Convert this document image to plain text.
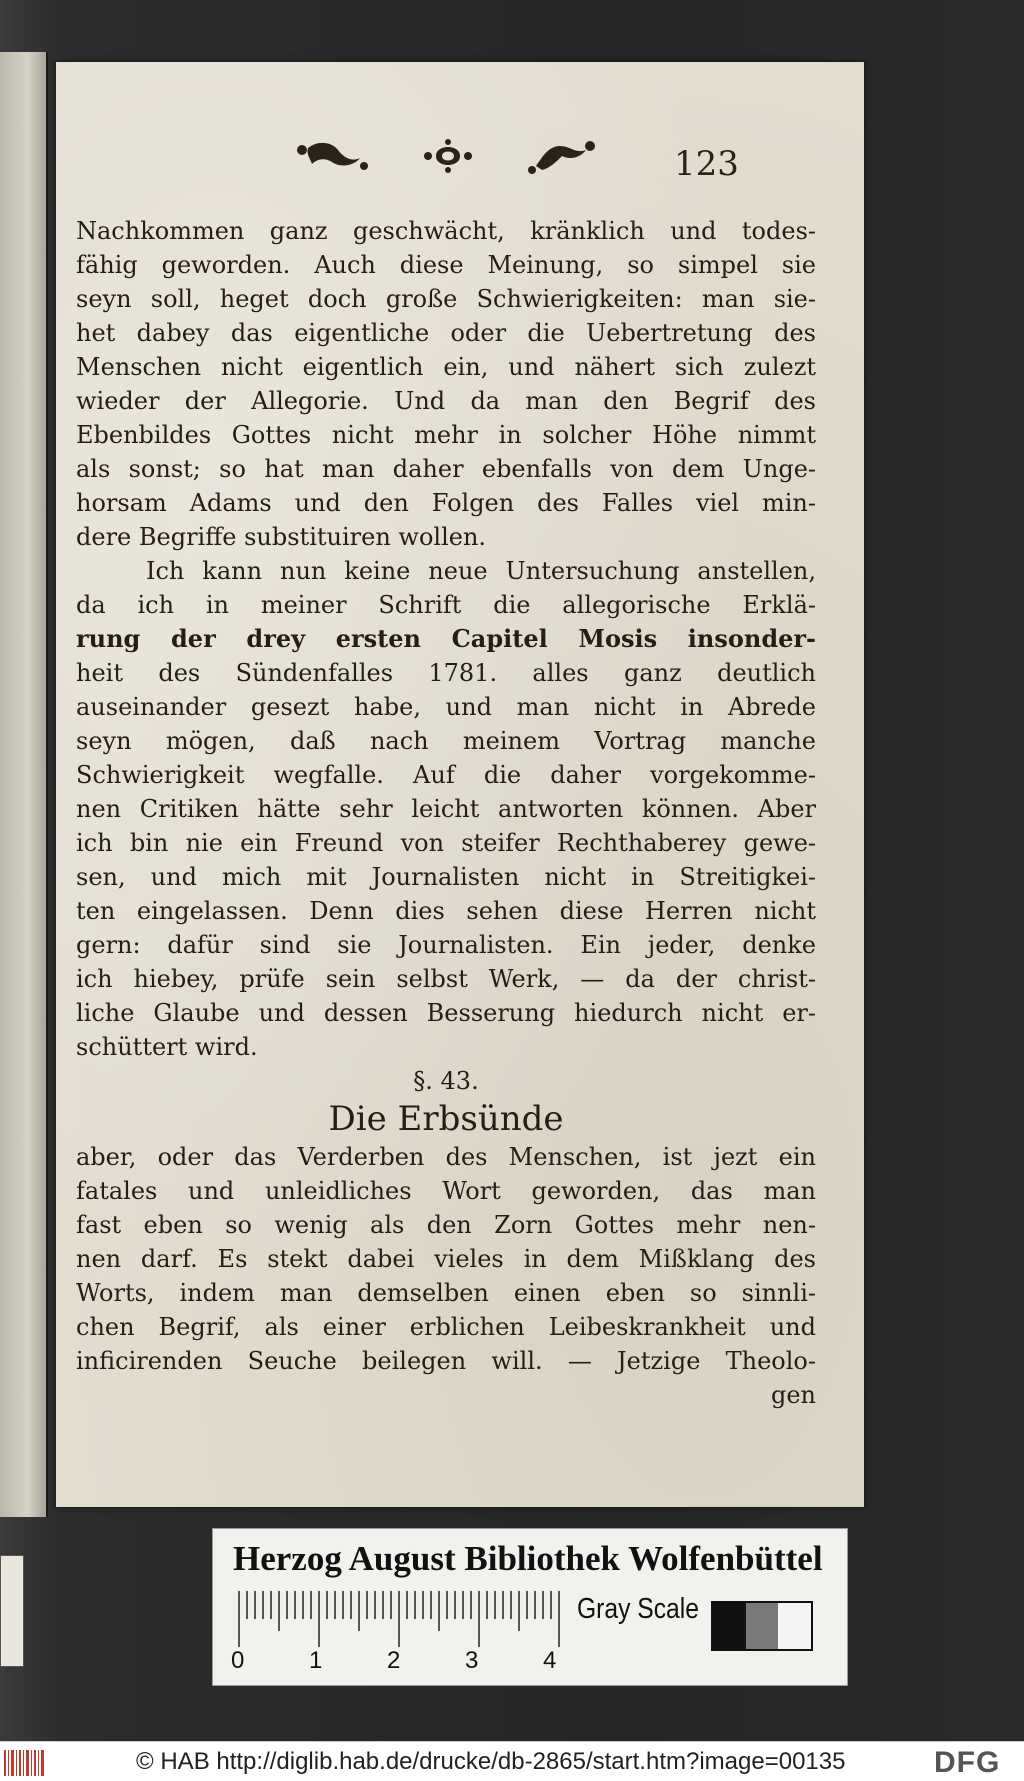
123
Nachkommen ganz geschwächt, kränklich und todes-
fähig geworden. Auch diese Meinung, so simpel sie
seyn soll, heget doch große Schwierigkeiten: man sie-
het dabey das eigentliche oder die Uebertretung des
Menschen nicht eigentlich ein, und nähert sich zulezt
wieder der Allegorie. Und da man den Begrif des
Ebenbildes Gottes nicht mehr in solcher Höhe nimmt
als sonst; so hat man daher ebenfalls von dem Unge-
horsam Adams und den Folgen des Falles viel min-
dere Begriffe substituiren wollen.
Ich kann nun keine neue Untersuchung anstellen,
da ich in meiner Schrift die allegorische Erklä-
rung der drey ersten Capitel Mosis insonder-
heit des Sündenfalles 1781. alles ganz deutlich
auseinander gesezt habe, und man nicht in Abrede
seyn mögen, daß nach meinem Vortrag manche
Schwierigkeit wegfalle. Auf die daher vorgekomme-
nen Critiken hätte sehr leicht antworten können. Aber
ich bin nie ein Freund von steifer Rechthaberey gewe-
sen, und mich mit Journalisten nicht in Streitigkei-
ten eingelassen. Denn dies sehen diese Herren nicht
gern: dafür sind sie Journalisten. Ein jeder, denke
ich hiebey, prüfe sein selbst Werk, — da der christ-
liche Glaube und dessen Besserung hiedurch nicht er-
schüttert wird.
§. 43.
Die Erbsünde
aber, oder das Verderben des Menschen, ist jezt ein
fatales und unleidliches Wort geworden, das man
fast eben so wenig als den Zorn Gottes mehr nen-
nen darf. Es stekt dabei vieles in dem Mißklang des
Worts, indem man demselben einen eben so sinnli-
chen Begrif, als einer erblichen Leibeskrankheit und
inficirenden Seuche beilegen will. — Jetzige Theolo-
gen
Herzog August Bibliothek Wolfenbüttel
0	1	2	3	4
Gray Scale
© HAB http://diglib.hab.de/drucke/db-2865/start.htm?image=00135	DFG
